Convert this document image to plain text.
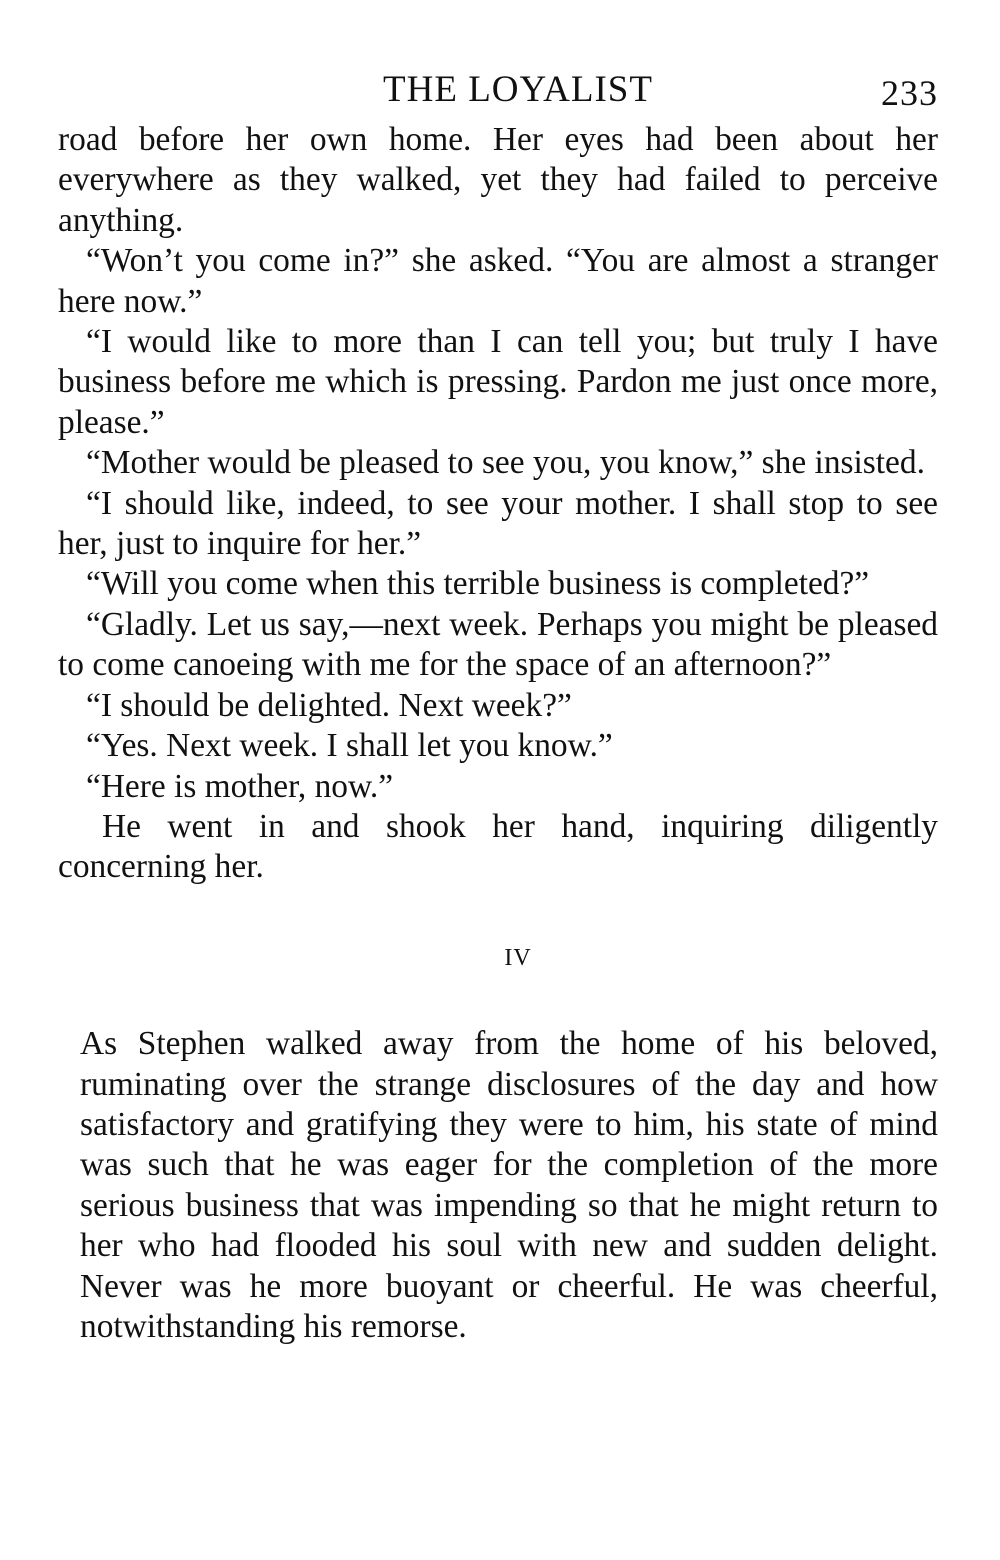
THE LOYALIST	233

road before her own home. Her eyes had been about her everywhere as they walked, yet they had failed to perceive anything.

“Won’t you come in?” she asked. “You are almost a stranger here now.”

“I would like to more than I can tell you; but truly I have business before me which is pressing. Pardon me just once more, please.”

“Mother would be pleased to see you, you know,” she insisted.

“I should like, indeed, to see your mother. I shall stop to see her, just to inquire for her.”

“Will you come when this terrible business is completed?”

“Gladly. Let us say,—next week. Perhaps you might be pleased to come canoeing with me for the space of an afternoon?”

“I should be delighted. Next week?”

“Yes. Next week. I shall let you know.”

“Here is mother, now.”

He went in and shook her hand, inquiring diligently concerning her.

IV

As Stephen walked away from the home of his beloved, ruminating over the strange disclosures of the day and how satisfactory and gratifying they were to him, his state of mind was such that he was eager for the completion of the more serious business that was impending so that he might return to her who had flooded his soul with new and sudden delight. Never was he more buoyant or cheerful. He was cheerful, notwithstanding his remorse.
